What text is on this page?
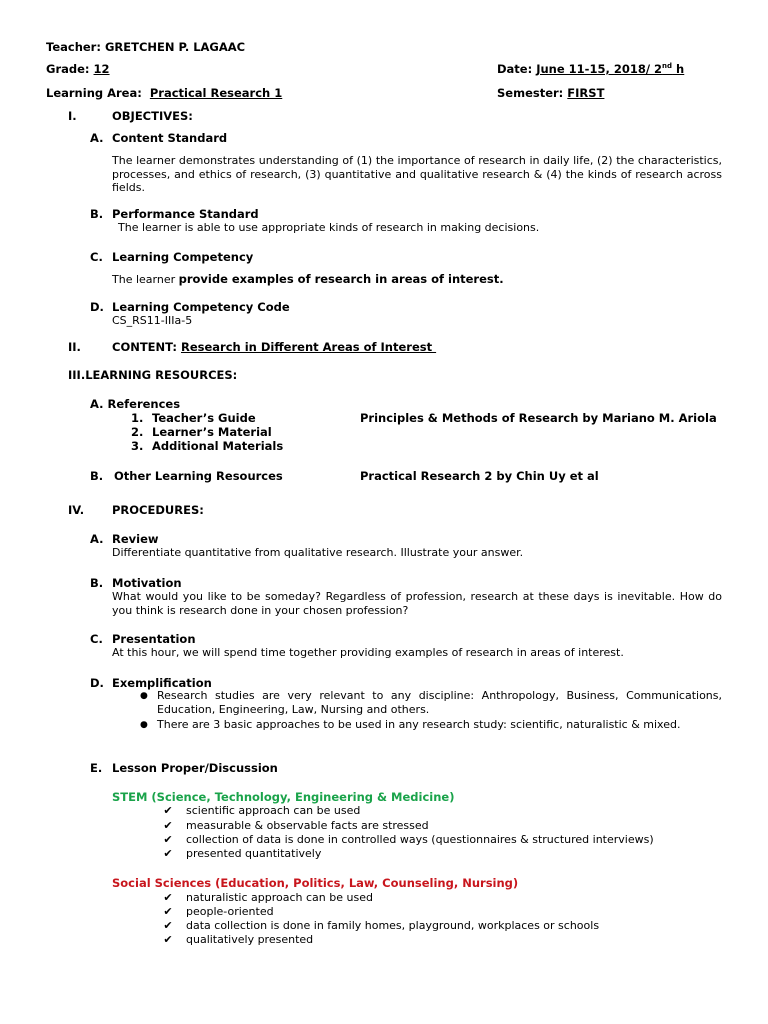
Teacher: GRETCHEN P. LAGAAC
Grade: 12	Date: June 11-15, 2018/ 2nd h
Learning Area: Practical Research 1	Semester: FIRST
I.	OBJECTIVES:
A. Content Standard
The learner demonstrates understanding of (1) the importance of research in daily life, (2) the characteristics,
processes, and ethics of research, (3) quantitative and qualitative research & (4) the kinds of research across
fields.
B. Performance Standard
The learner is able to use appropriate kinds of research in making decisions.
C. Learning Competency
The learner provide examples of research in areas of interest.
D. Learning Competency Code
CS_RS11-IIIa-5
II.	CONTENT: Research in Different Areas of Interest
III.LEARNING RESOURCES:
A. References
1. Teacher’s Guide	Principles & Methods of Research by Mariano M. Ariola
2. Learner’s Material
3. Additional Materials
B. Other Learning Resources	Practical Research 2 by Chin Uy et al
IV. PROCEDURES:
A. Review
Differentiate quantitative from qualitative research. Illustrate your answer.
B. Motivation
What would you like to be someday? Regardless of profession, research at these days is inevitable. How do
you think is research done in your chosen profession?
C. Presentation
At this hour, we will spend time together providing examples of research in areas of interest.
D. Exemplification
● Research studies are very relevant to any discipline: Anthropology, Business, Communications,
Education, Engineering, Law, Nursing and others.
● There are 3 basic approaches to be used in any research study: scientific, naturalistic & mixed.
E. Lesson Proper/Discussion
STEM (Science, Technology, Engineering & Medicine)
✔ scientific approach can be used
✔ measurable & observable facts are stressed
✔ collection of data is done in controlled ways (questionnaires & structured interviews)
✔ presented quantitatively
Social Sciences (Education, Politics, Law, Counseling, Nursing)
✔ naturalistic approach can be used
✔ people-oriented
✔ data collection is done in family homes, playground, workplaces or schools
✔ qualitatively presented
